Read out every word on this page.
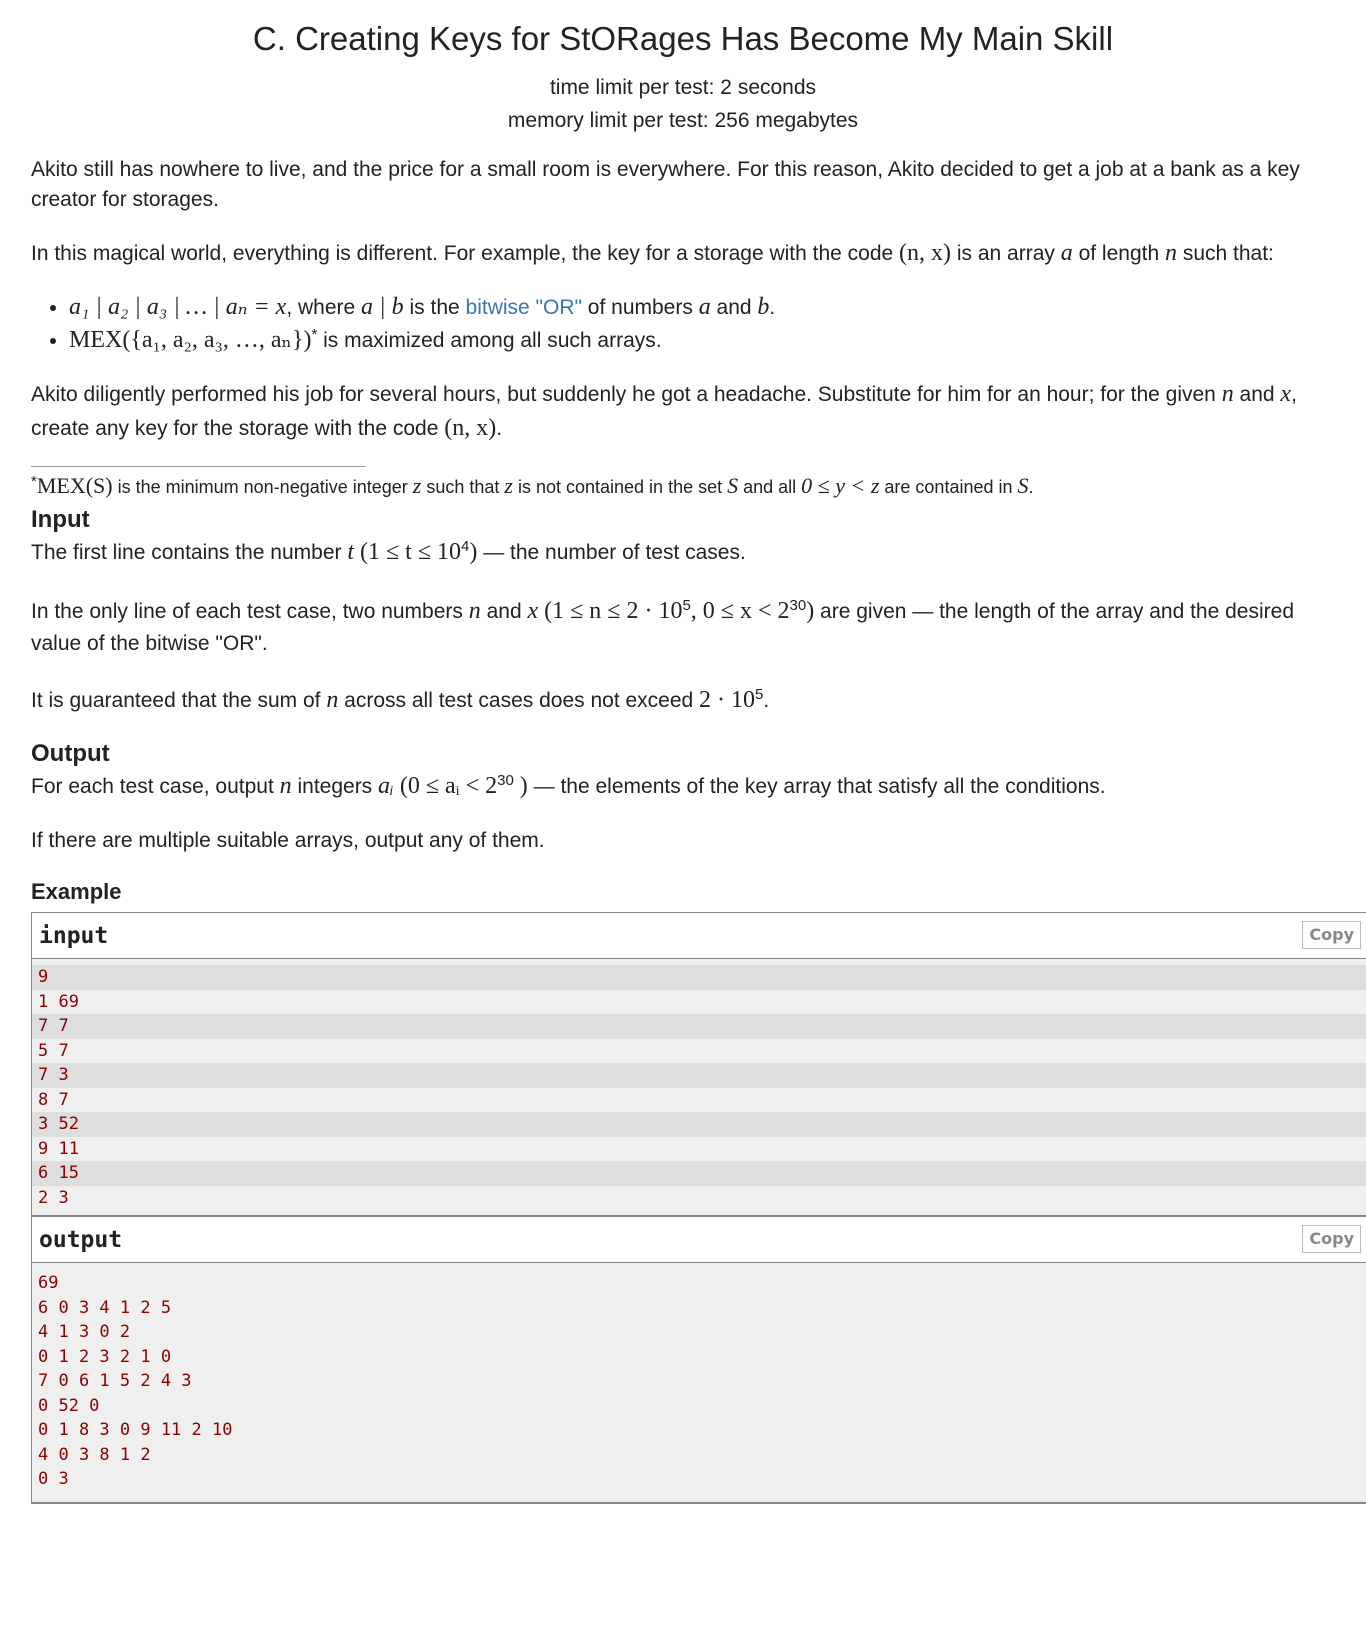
C. Creating Keys for StORages Has Become My Main Skill
time limit per test: 2 seconds
memory limit per test: 256 megabytes

Akito still has nowhere to live, and the price for a small room is everywhere. For this reason, Akito decided to get a job at a bank as a key creator for storages.

In this magical world, everything is different. For example, the key for a storage with the code (n, x) is an array a of length n such that:

• a₁ | a₂ | a₃ | … | aₙ = x, where a | b is the bitwise "OR" of numbers a and b.
• MEX({a₁, a₂, a₃, …, aₙ})* is maximized among all such arrays.

Akito diligently performed his job for several hours, but suddenly he got a headache. Substitute for him for an hour; for the given n and x, create any key for the storage with the code (n, x).

*MEX(S) is the minimum non-negative integer z such that z is not contained in the set S and all 0 ≤ y < z are contained in S.
Input

The first line contains the number t $(1 \le t \le 10^4)$ — the number of test cases.

In the only line of each test case, two numbers n and x ($1 \le n \le 2 \cdot 10^5$, $0 \le x < 2^{30}$) are given — the length of the array and the desired value of the bitwise "OR".

It is guaranteed that the sum of n across all test cases does not exceed $2 \cdot 10^5$.

Output

For each test case, output n integers aᵢ (0 ≤ aᵢ < $2^{30}$ ) — the elements of the key array that satisfy all the conditions.

If there are multiple suitable arrays, output any of them.

Example
input	Copy
9
1 69
7 7
5 7
7 3
8 7
3 52
9 11
6 15
2 3
output	Copy
69
6 0 3 4 1 2 5
4 1 3 0 2
0 1 2 3 2 1 0
7 0 6 1 5 2 4 3
0 52 0
0 1 8 3 0 9 11 2 10
4 0 3 8 1 2
0 3
